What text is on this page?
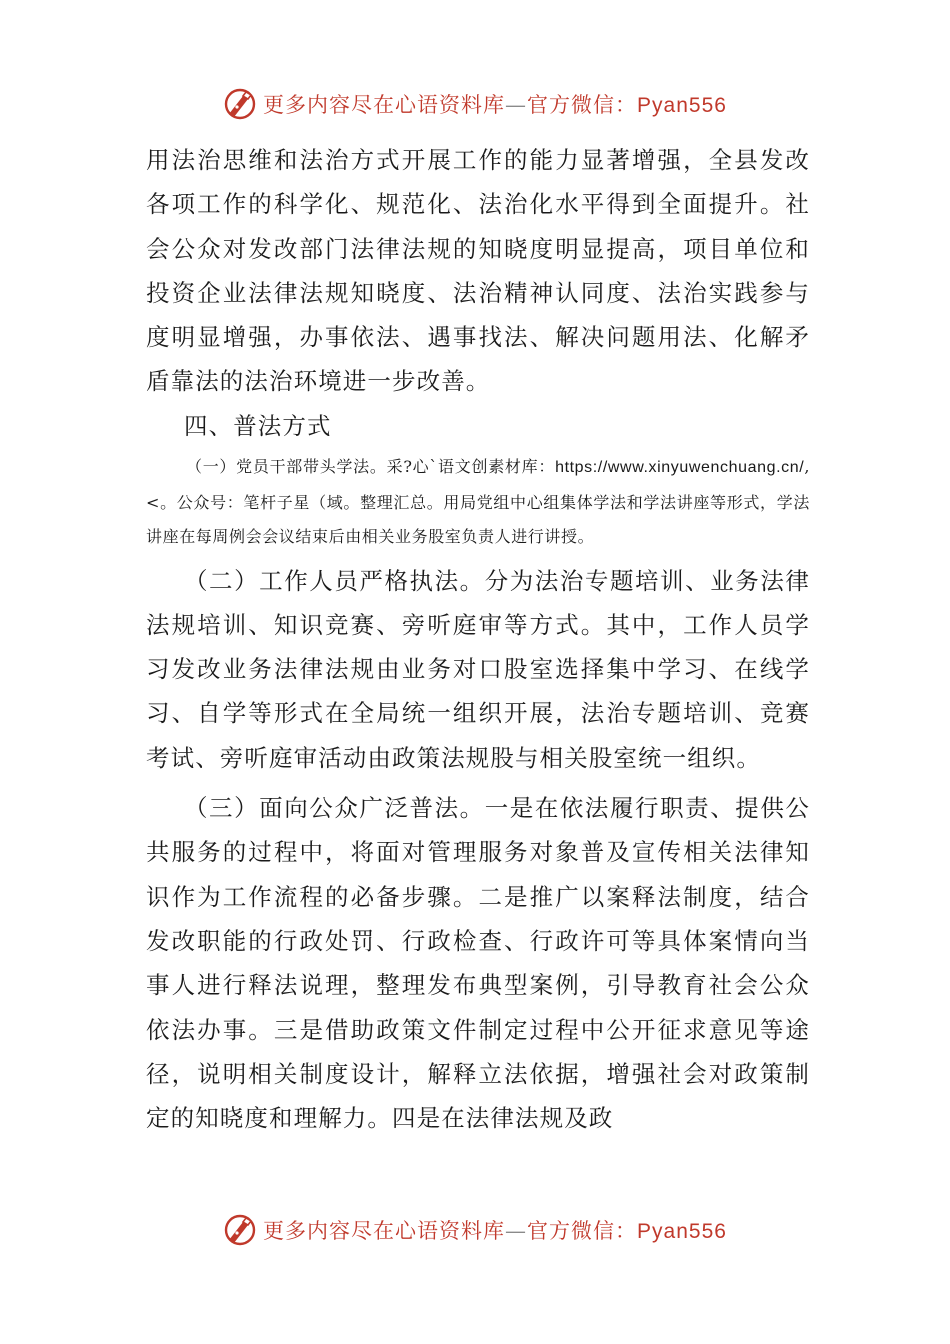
更多内容尽在心语资料库—官方微信：Pyan556

用法治思维和法治方式开展工作的能力显著增强，全县发改各项工作的科学化、规范化、法治化水平得到全面提升。社会公众对发改部门法律法规的知晓度明显提高，项目单位和投资企业法律法规知晓度、法治精神认同度、法治实践参与度明显增强，办事依法、遇事找法、解决问题用法、化解矛盾靠法的法治环境进一步改善。

四、普法方式

（一）党员干部带头学法。采?心`语文创素材库：https://www.xinyuwenchuang.cn/,<。公众号：笔杆子星（域。整理汇总。用局党组中心组集体学法和学法讲座等形式，学法讲座在每周例会会议结束后由相关业务股室负责人进行讲授。

（二）工作人员严格执法。分为法治专题培训、业务法律法规培训、知识竞赛、旁听庭审等方式。其中，工作人员学习发改业务法律法规由业务对口股室选择集中学习、在线学习、自学等形式在全局统一组织开展，法治专题培训、竞赛考试、旁听庭审活动由政策法规股与相关股室统一组织。

（三）面向公众广泛普法。一是在依法履行职责、提供公共服务的过程中，将面对管理服务对象普及宣传相关法律知识作为工作流程的必备步骤。二是推广以案释法制度，结合发改职能的行政处罚、行政检查、行政许可等具体案情向当事人进行释法说理，整理发布典型案例，引导教育社会公众依法办事。三是借助政策文件制定过程中公开征求意见等途径，说明相关制度设计，解释立法依据，增强社会对政策制定的知晓度和理解力。四是在法律法规及政

更多内容尽在心语资料库—官方微信：Pyan556
